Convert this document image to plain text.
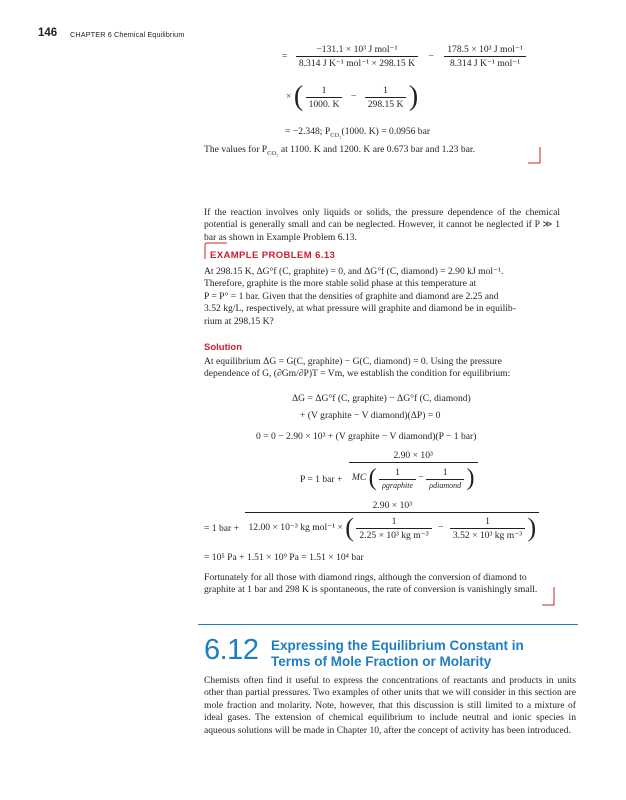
146 CHAPTER 6 Chemical Equilibrium
= $\frac{\text{−131.1 × 10³ J mol⁻¹}}{\text{8.314 J K⁻¹ mol⁻¹ × 298.15 K}} - \frac{\text{178.5 × 10³ J mol⁻¹}}{\text{8.314 J K⁻¹ mol⁻¹}}$
× ( $\frac{1}{1000. K} - \frac{1}{298.15 K}$ )
= −2.348; $P_{CO_2}(1000$. K) = 0.0956 bar
The values for $P_{CO_2}$ at 1100. K and 1200. K are 0.673 bar and 1.23 bar.
If the reaction involves only liquids or solids, the pressure dependence of the chemical potential is generally small and can be neglected. However, it cannot be neglected if P ≫ 1 bar as shown in Example Problem 6.13.
EXAMPLE PROBLEM 6.13
At 298.15 K, ΔG°f (C, graphite) = 0, and ΔG°f (C, diamond) = 2.90 kJ mol⁻¹.
Therefore, graphite is the more stable solid phase at this temperature at
P = P° = 1 bar. Given that the densities of graphite and diamond are 2.25 and
3.52 kg/L, respectively, at what pressure will graphite and diamond be in equilib-
rium at 298.15 K?
Solution
At equilibrium ΔG = G(C, graphite) − G(C, diamond) = 0. Using the pressure
dependence of G, (∂Gm/∂P)T = Vm, we establish the condition for equilibrium:
ΔG = ΔG°f (C, graphite) − ΔG°f (C, diamond)
+ (V graphite − V diamond)(ΔP) = 0
0 = 0 − 2.90 × 10³ + (V graphite − V diamond)(P − 1 bar)
P = 1 bar +
2.90 × 10³
MC ( $\frac{1}{\text{ρgraphite}} - \frac{1}{\text{ρdiamond}}$ )
= 1 bar +
2.90 × 10³
12.00 × 10⁻³ kg mol⁻¹ × ( $\frac{1}{\text{2.25 × 10³ kg m⁻³}} - \frac{1}{\text{3.52 × 10³ kg m⁻³}}$ )
= 10⁵ Pa + 1.51 × 10⁹ Pa = 1.51 × 10⁴ bar
Fortunately for all those with diamond rings, although the conversion of diamond to graphite at 1 bar and 298 K is spontaneous, the rate of conversion is vanishingly small.
6.12 Expressing the Equilibrium Constant in
Terms of Mole Fraction or Molarity
Chemists often find it useful to express the concentrations of reactants and products in units other than partial pressures. Two examples of other units that we will consider in this section are mole fraction and molarity. Note, however, that this discussion is still limited to a mixture of ideal gases. The extension of chemical equilibrium to include neutral and ionic species in aqueous solutions will be made in Chapter 10, after the concept of activity has been introduced.
